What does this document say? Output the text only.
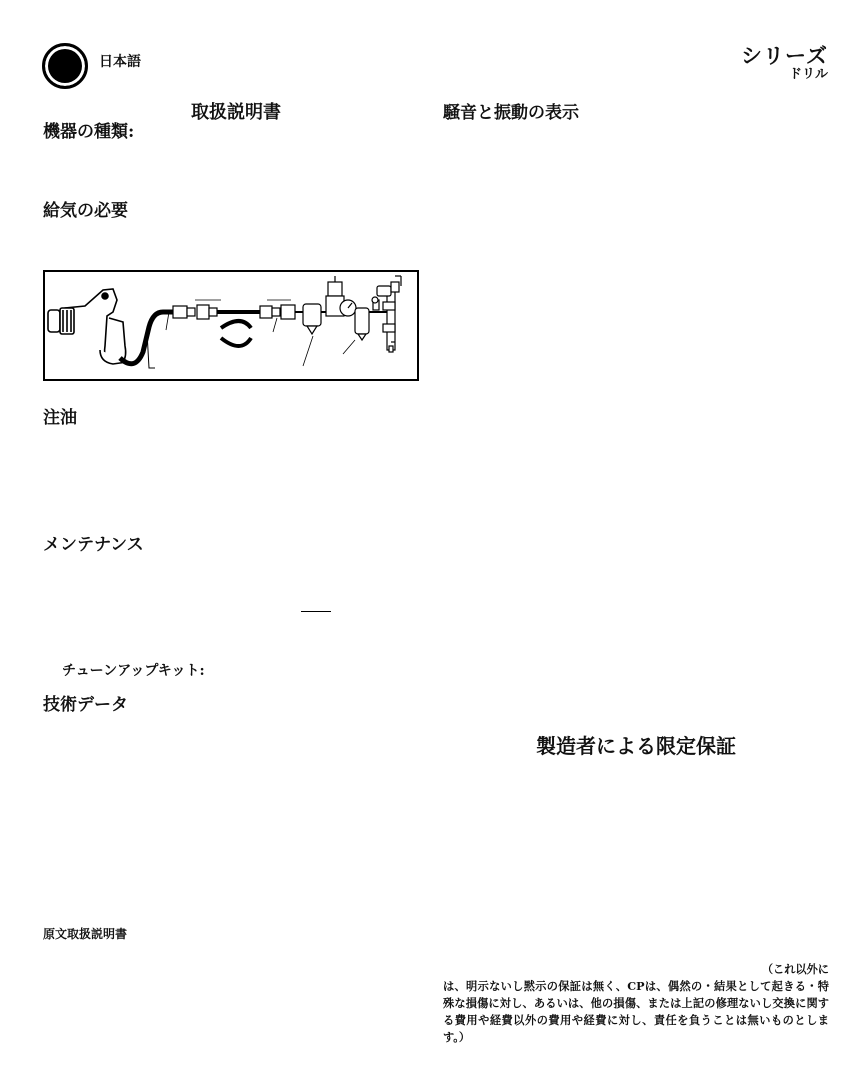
日本語	シリーズ
ドリル
取扱説明書	騒音と振動の表示
機器の種類:
給気の必要
注油
メンテナンス
チューンアップキット:
技術データ
製造者による限定保証
原文取扱説明書
（これ以外に
は、明示ないし黙示の保証は無く、CPは、偶然の・結果として起きる・特殊な損傷に対し、あるいは、他の損傷、または上記の修理ないし交換に関する費用や経費以外の費用や経費に対し、責任を負うことは無いものとします。）
